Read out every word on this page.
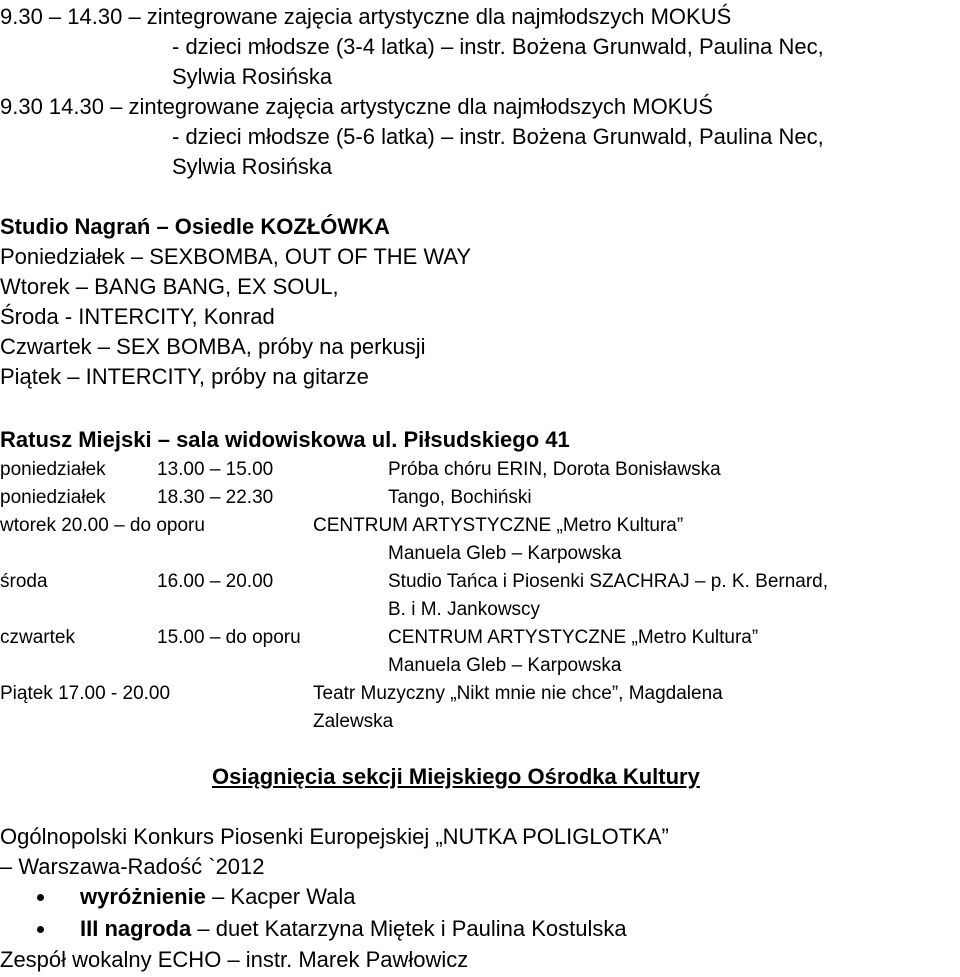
9.30 – 14.30 – zintegrowane zajęcia artystyczne dla najmłodszych MOKUŚ
- dzieci młodsze (3-4 latka) – instr. Bożena Grunwald, Paulina Nec,
Sylwia Rosińska
9.30 14.30 – zintegrowane zajęcia artystyczne dla najmłodszych MOKUŚ
- dzieci młodsze (5-6 latka) – instr. Bożena Grunwald, Paulina Nec,
Sylwia Rosińska
Studio Nagrań – Osiedle KOZŁÓWKA
Poniedziałek – SEXBOMBA, OUT OF THE WAY
Wtorek – BANG BANG, EX SOUL,
Środa - INTERCITY, Konrad
Czwartek – SEX BOMBA, próby na perkusji
Piątek – INTERCITY, próby na gitarze
Ratusz Miejski – sala widowiskowa ul. Piłsudskiego 41
poniedziałek	13.00 – 15.00	Próba chóru ERIN, Dorota Bonisławska
poniedziałek	18.30 – 22.30	Tango, Bochiński
wtorek 20.00 – do oporu	CENTRUM ARTYSTYCZNE „Metro Kultura”
Manuela Gleb – Karpowska
środa	16.00 – 20.00	Studio Tańca i Piosenki SZACHRAJ – p. K. Bernard,
B. i M. Jankowscy
czwartek	15.00 – do oporu	CENTRUM ARTYSTYCZNE „Metro Kultura”
Manuela Gleb – Karpowska
Piątek 17.00 - 20.00	Teatr Muzyczny „Nikt mnie nie chce”, Magdalena
Zalewska
Osiągnięcia sekcji Miejskiego Ośrodka Kultury
Ogólnopolski Konkurs Piosenki Europejskiej „NUTKA POLIGLOTKA”
– Warszawa-Radość `2012
wyróżnienie – Kacper Wala
III nagroda – duet Katarzyna Miętek i Paulina Kostulska
Zespół wokalny ECHO – instr. Marek Pawłowicz
